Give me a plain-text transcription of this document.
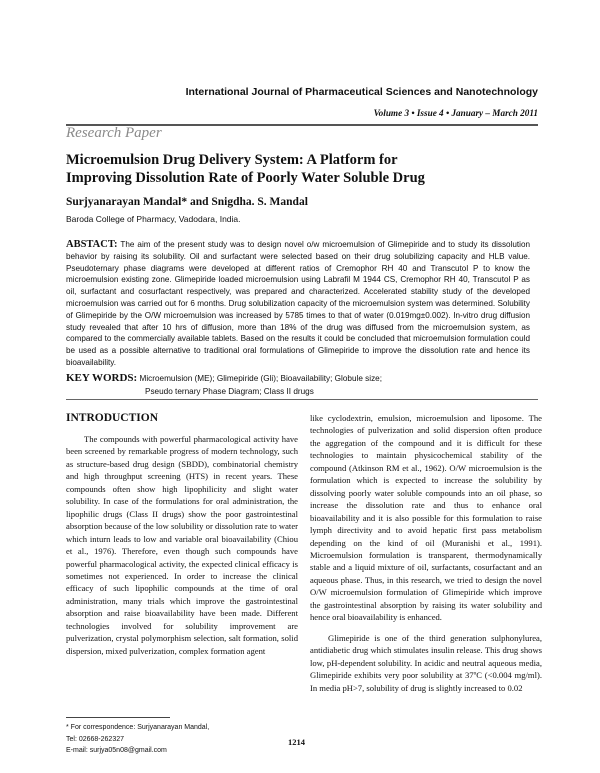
International Journal of Pharmaceutical Sciences and Nanotechnology
Volume 3 • Issue 4 • January – March 2011
Research Paper
Microemulsion Drug Delivery System: A Platform for
Improving Dissolution Rate of Poorly Water Soluble Drug
Surjyanarayan Mandal* and Snigdha. S. Mandal
Baroda College of Pharmacy, Vadodara, India.
ABSTACT: The aim of the present study was to design novel o/w microemulsion of Glimepiride and to study its dissolution behavior by raising its solubility. Oil and surfactant were selected based on their drug solubilizing capacity and HLB value. Pseudoternary phase diagrams were developed at different ratios of Cremophor RH 40 and Transcutol P to know the microemulsion existing zone. Glimepiride loaded microemulsion using Labrafil M 1944 CS, Cremophor RH 40, Transcutol P as oil, surfactant and cosurfactant respectively, was prepared and characterized. Accelerated stability study of the developed microemulsion was carried out for 6 months. Drug solubilization capacity of the microemulsion system was determined. Solubility of Glimepiride by the O/W microemulsion was increased by 5785 times to that of water (0.019mg±0.002). In-vitro drug diffusion study revealed that after 10 hrs of diffusion, more than 18% of the drug was diffused from the microemulsion system, as compared to the commercially available tablets. Based on the results it could be concluded that microemulsion formulation could be used as a possible alternative to traditional oral formulations of Glimepiride to improve the dissolution rate and hence its bioavailability.
KEY WORDS: Microemulsion (ME); Glimepiride (Gli); Bioavailability; Globule size;
Pseudo ternary Phase Diagram; Class II drugs
INTRODUCTION
The compounds with powerful pharmacological activity have been screened by remarkable progress of modern technology, such as structure-based drug design (SBDD), combinatorial chemistry and high throughput screening (HTS) in recent years. These compounds often show high lipophilicity and slight water solubility. In case of the formulations for oral administration, the lipophilic drugs (Class II drugs) show the poor gastrointestinal absorption because of the low solubility or dissolution rate to water which inturn leads to low and variable oral bioavailability (Chiou et al., 1976). Therefore, even though such compounds have powerful pharmacological activity, the expected clinical efficacy is sometimes not experienced. In order to increase the clinical efficacy of such lipophilic compounds at the time of oral administration, many trials which improve the gastrointestinal absorption and raise bioavailability have been made. Different technologies involved for solubility improvement are pulverization, crystal polymorphism selection, salt formation, solid dispersion, mixed pulverization, complex formation agent
like cyclodextrin, emulsion, microemulsion and liposome. The technologies of pulverization and solid dispersion often produce the aggregation of the compound and it is difficult for these technologies to maintain physicochemical stability of the compound (Atkinson RM et al., 1962). O/W microemulsion is the formulation which is expected to increase the solubility by dissolving poorly water soluble compounds into an oil phase, so increase the dissolution rate and thus to enhance oral bioavailability and it is also possible for this formulation to raise lymph directivity and to avoid hepatic first pass metabolism depending on the kind of oil (Muranishi et al., 1991). Microemulsion formulation is transparent, thermodynamically stable and a liquid mixture of oil, surfactants, cosurfactant and an aqueous phase. Thus, in this research, we tried to design the novel O/W microemulsion formulation of Glimepiride which improve the gastrointestinal absorption by raising its water solubility and hence oral bioavailability is enhanced.
Glimepiride is one of the third generation sulphonylurea, antidiabetic drug which stimulates insulin release. This drug shows low, pH-dependent solubility. In acidic and neutral aqueous media, Glimepiride exhibits very poor solubility at 37ºC (<0.004 mg/ml). In media pH>7, solubility of drug is slightly increased to 0.02
* For correspondence: Surjyanarayan Mandal,
Tel: 02668-262327
E-mail: surjya05n08@gmail.com
1214
